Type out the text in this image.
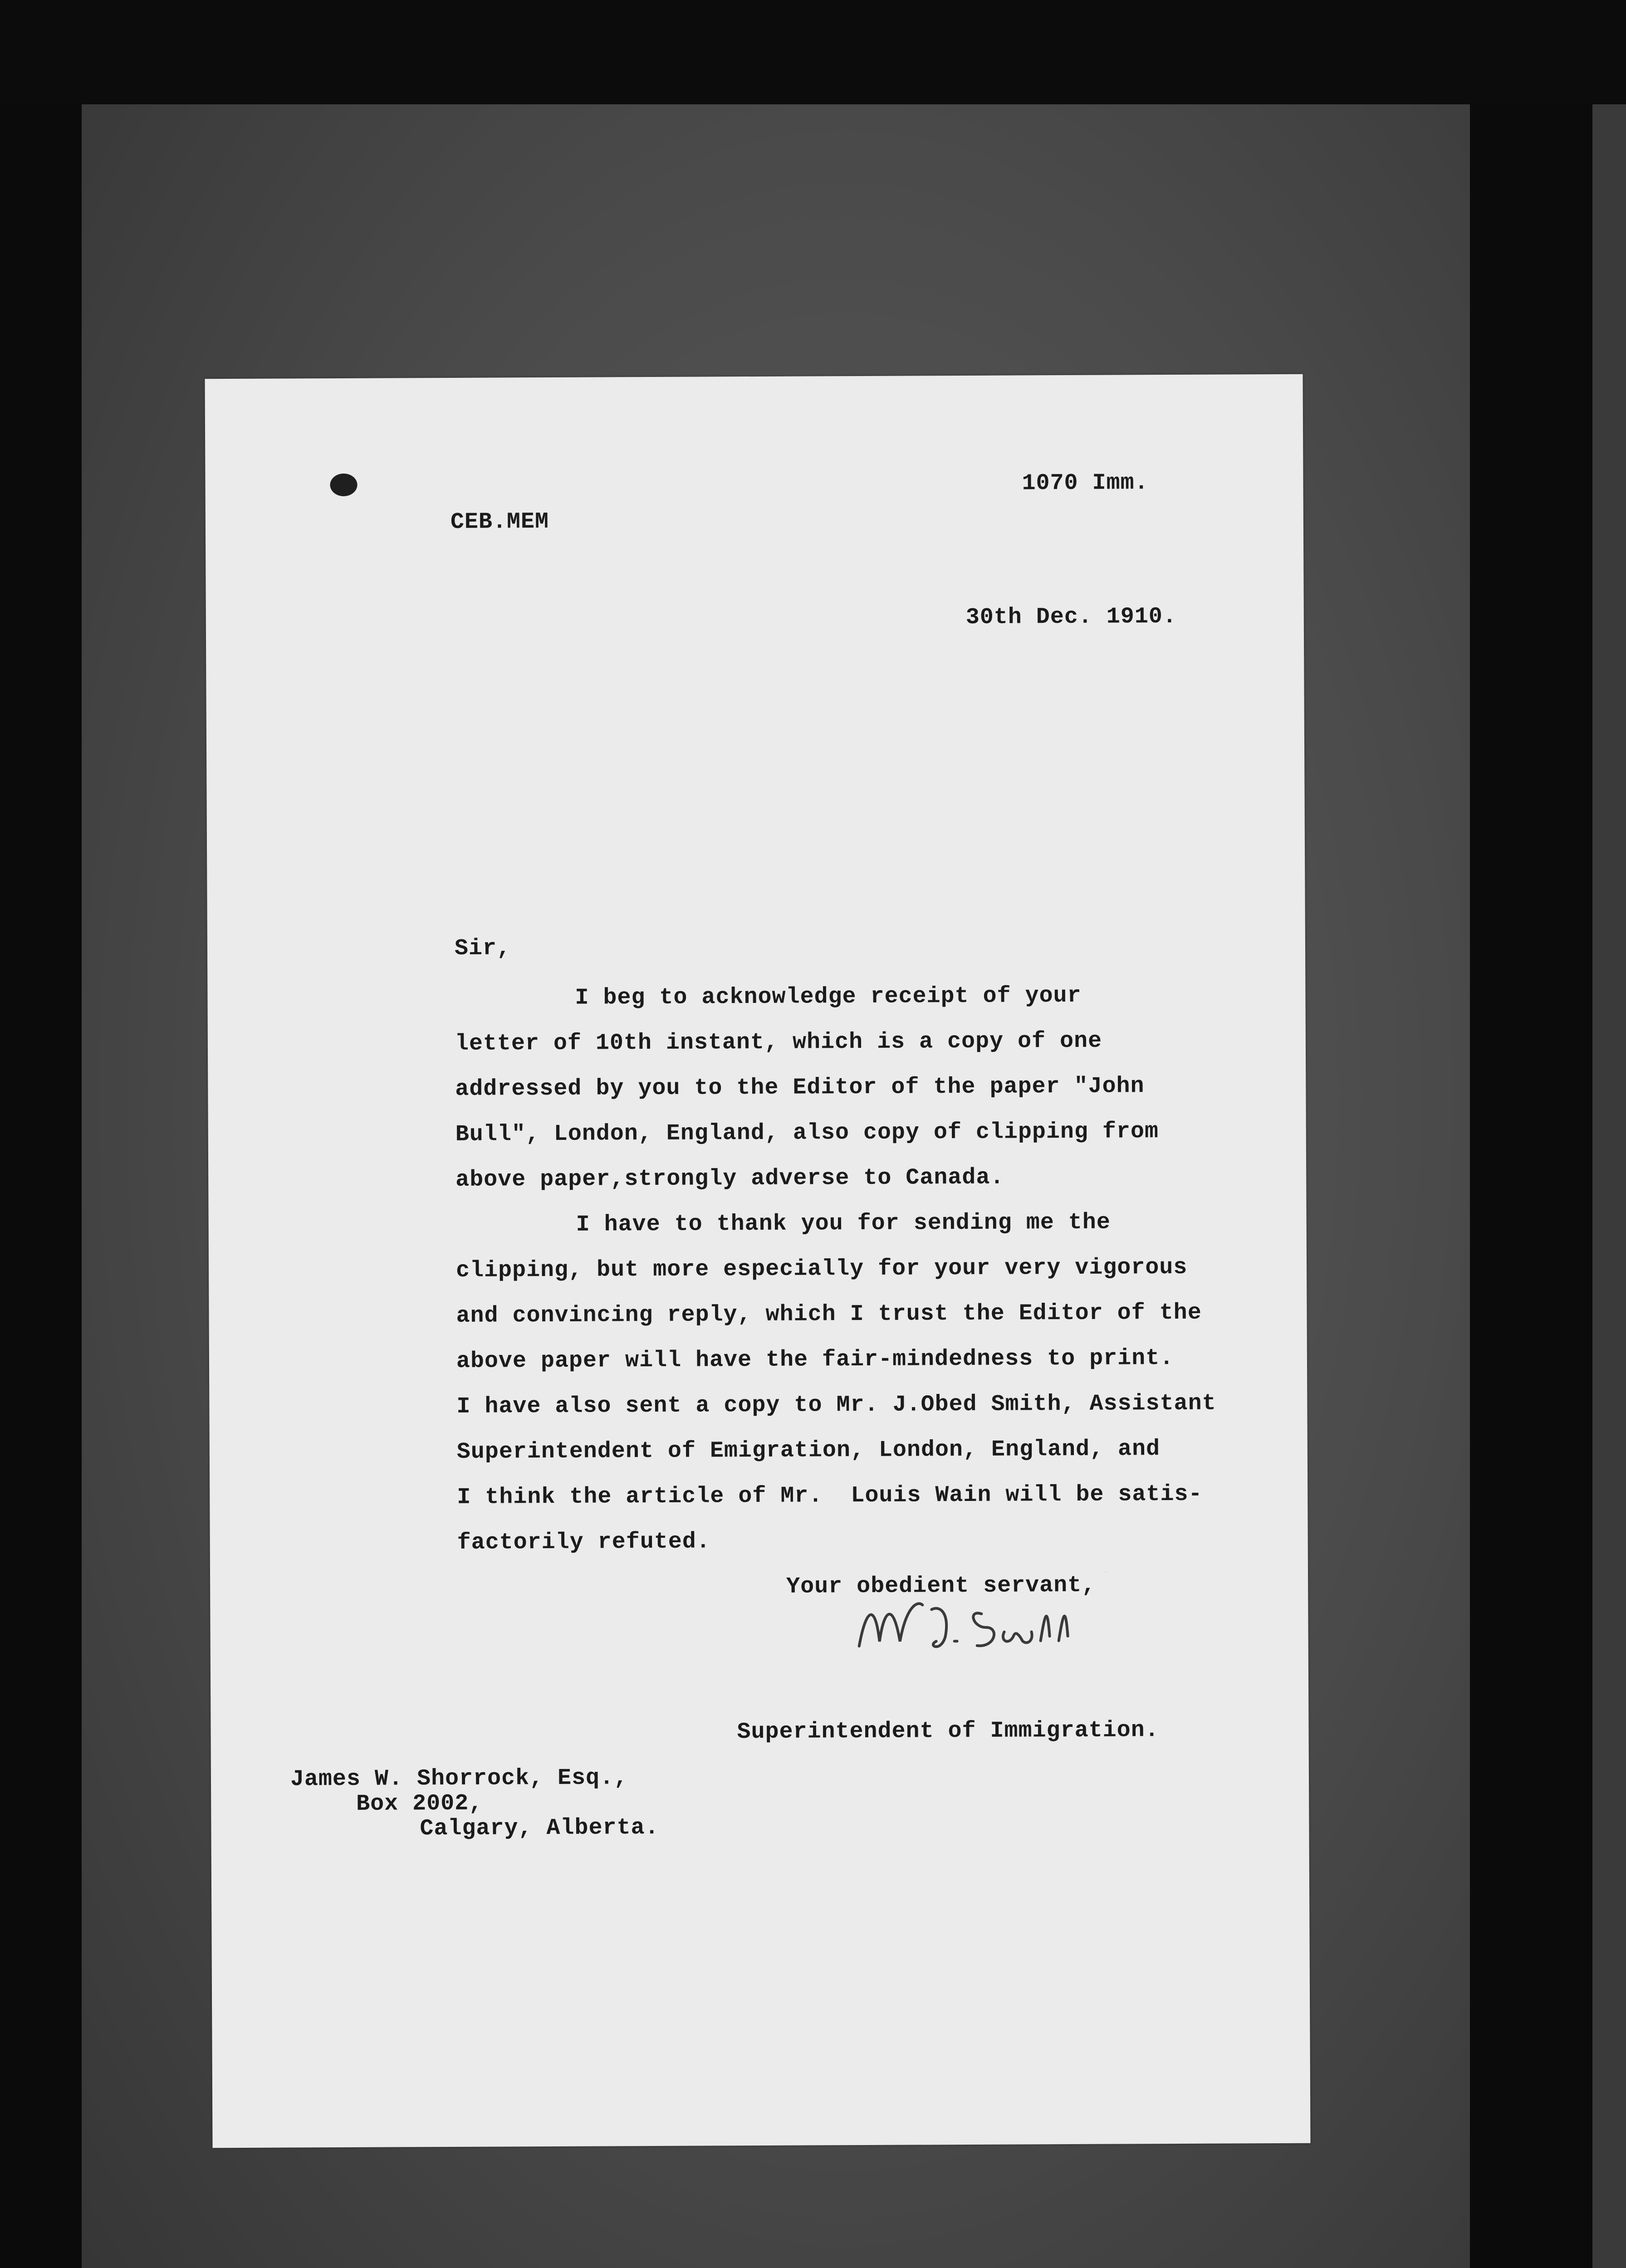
1070 Imm.
CEB.MEM
30th Dec. 1910.
Sir,
I beg to acknowledge receipt of your
letter of 10th instant, which is a copy of one
addressed by you to the Editor of the paper "John
Bull", London, England, also copy of clipping from
above paper,strongly adverse to Canada.
I have to thank you for sending me the
clipping, but more especially for your very vigorous
and convincing reply, which I trust the Editor of the
above paper will have the fair-mindedness to print.
I have also sent a copy to Mr. J.Obed Smith, Assistant
Superintendent of Emigration, London, England, and
I think the article of Mr.  Louis Wain will be satis-
factorily refuted.
Your obedient servant,	W. D. Scott
Superintendent of Immigration.
James W. Shorrock, Esq.,
Box 2002,
Calgary, Alberta.
